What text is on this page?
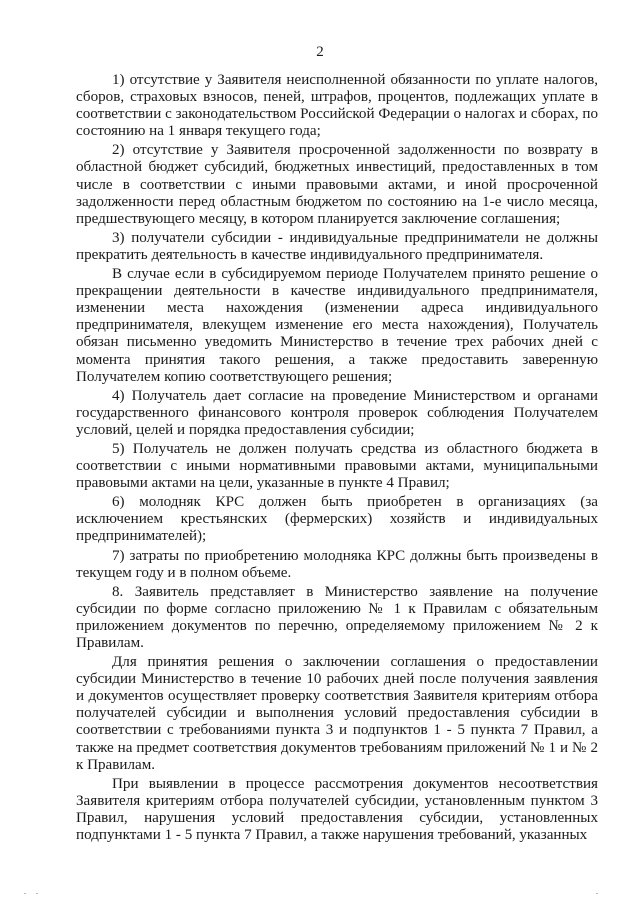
2

1) отсутствие у Заявителя неисполненной обязанности по уплате налогов, сборов, страховых взносов, пеней, штрафов, процентов, подлежащих уплате в соответствии с законодательством Российской Федерации о налогах и сборах, по состоянию на 1 января текущего года;

2) отсутствие у Заявителя просроченной задолженности по возврату в областной бюджет субсидий, бюджетных инвестиций, предоставленных в том числе в соответствии с иными правовыми актами, и иной просроченной задолженности перед областным бюджетом по состоянию на 1-е число месяца, предшествующего месяцу, в котором планируется заключение соглашения;

3) получатели субсидии - индивидуальные предприниматели не должны прекратить деятельность в качестве индивидуального предпринимателя.

В случае если в субсидируемом периоде Получателем принято решение о прекращении деятельности в качестве индивидуального предпринимателя, изменении места нахождения (изменении адреса индивидуального предпринимателя, влекущем изменение его места нахождения), Получатель обязан письменно уведомить Министерство в течение трех рабочих дней с момента принятия такого решения, а также предоставить заверенную Получателем копию соответствующего решения;

4) Получатель дает согласие на проведение Министерством и органами государственного финансового контроля проверок соблюдения Получателем условий, целей и порядка предоставления субсидии;

5) Получатель не должен получать средства из областного бюджета в соответствии с иными нормативными правовыми актами, муниципальными правовыми актами на цели, указанные в пункте 4 Правил;

6) молодняк КРС должен быть приобретен в организациях (за исключением крестьянских (фермерских) хозяйств и индивидуальных предпринимателей);

7) затраты по приобретению молодняка КРС должны быть произведены в текущем году и в полном объеме.

8. Заявитель представляет в Министерство заявление на получение субсидии по форме согласно приложению № 1 к Правилам с обязательным приложением документов по перечню, определяемому приложением № 2 к Правилам.

Для принятия решения о заключении соглашения о предоставлении субсидии Министерство в течение 10 рабочих дней после получения заявления и документов осуществляет проверку соответствия Заявителя критериям отбора получателей субсидии и выполнения условий предоставления субсидии в соответствии с требованиями пункта 3 и подпунктов 1 - 5 пункта 7 Правил, а также на предмет соответствия документов требованиям приложений № 1 и № 2 к Правилам.

При выявлении в процессе рассмотрения документов несоответствия Заявителя критериям отбора получателей субсидии, установленным пунктом 3 Правил, нарушения условий предоставления субсидии, установленных подпунктами 1 - 5 пункта 7 Правил, а также нарушения требований, указанных
